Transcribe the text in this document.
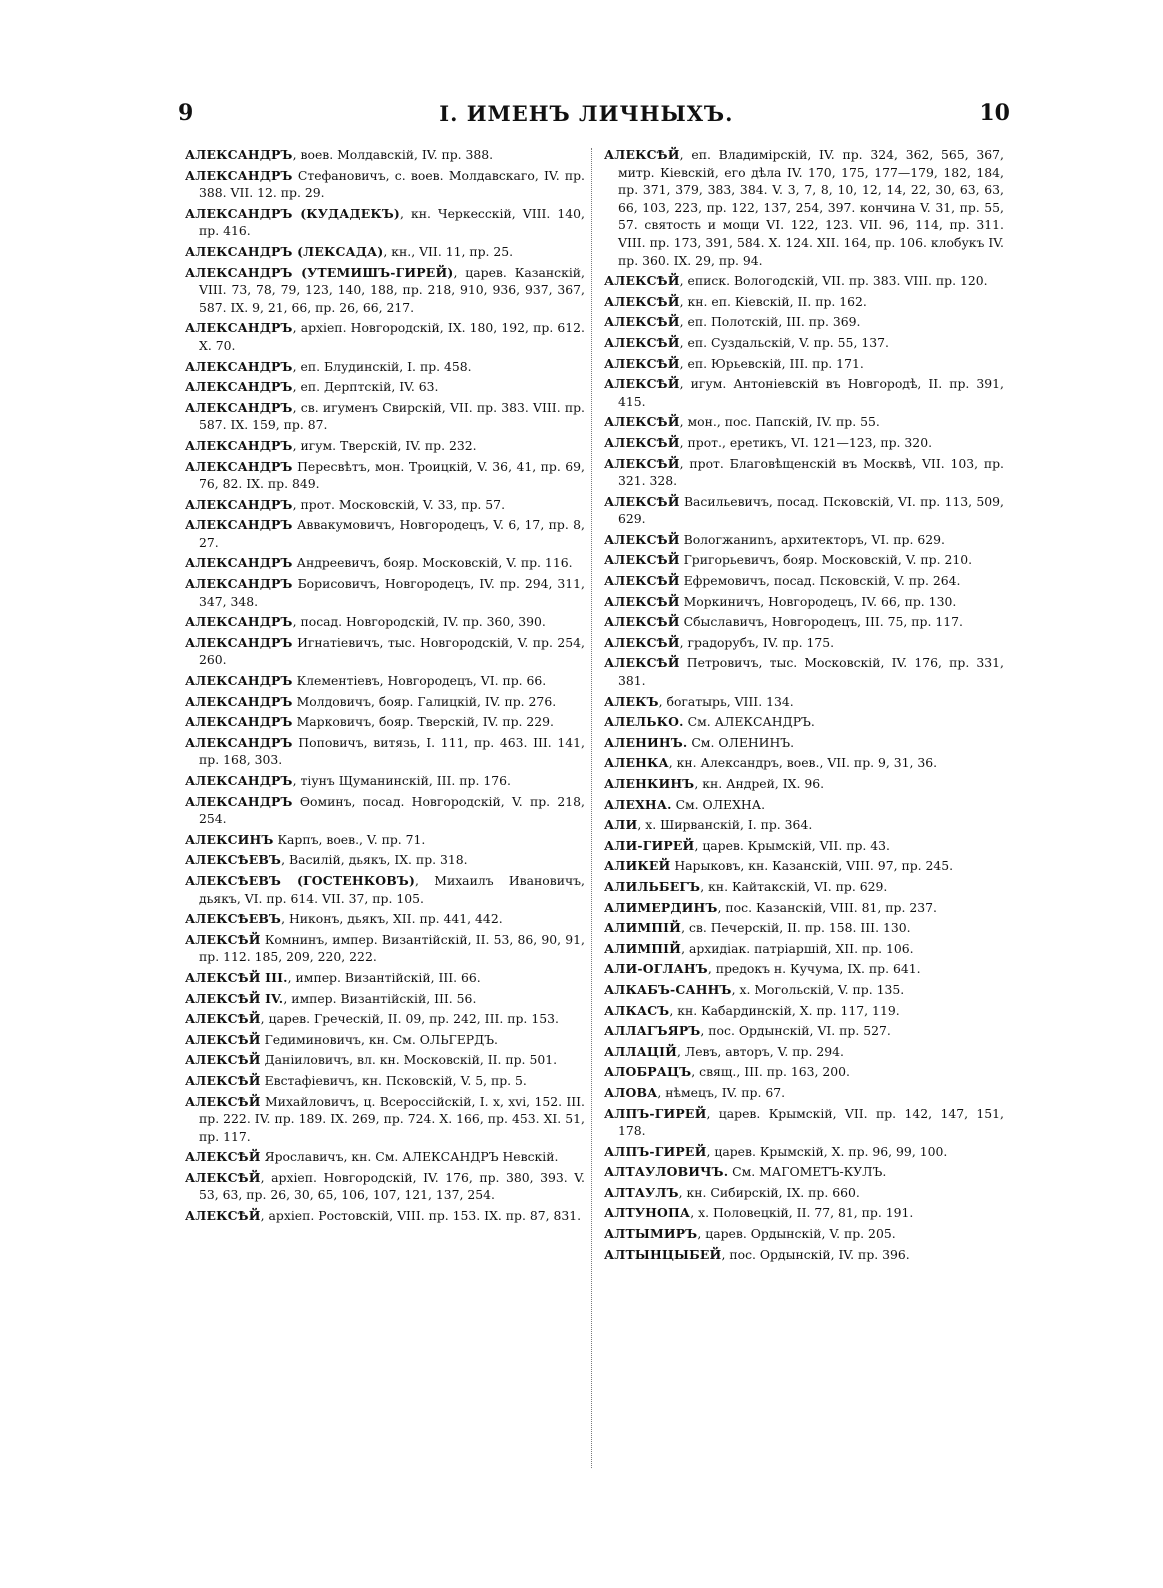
9	I. ИМЕНЪ ЛИЧНЫХЪ.	10

АЛЕКСАНДРЪ, воев. Молдавскій, IV. пр. 388.

АЛЕКСАНДРЪ Стефановичъ, с. воев. Молдавскаго, IV. пр. 388. VII. 12. пр. 29.

АЛЕКСАНДРЪ (КУДАДЕКЪ), кн. Черкесскій, VIII. 140, пр. 416.

АЛЕКСАНДРЪ (ЛЕКСАДА), кн., VII. 11, пр. 25.

АЛЕКСАНДРЪ (УТЕМИШЪ-ГИРЕЙ), царев. Казанскій, VIII. 73, 78, 79, 123, 140, 188, пр. 218, 910, 936, 937, 367, 587. IX. 9, 21, 66, пр. 26, 66, 217.

АЛЕКСАНДРЪ, архіеп. Новгородскій, IX. 180, 192, пр. 612. X. 70.

АЛЕКСАНДРЪ, еп. Блудинскій, I. пр. 458.

АЛЕКСАНДРЪ, еп. Дерптскій, IV. 63.

АЛЕКСАНДРЪ, св. игуменъ Свирскій, VII. пр. 383. VIII. пр. 587. IX. 159, пр. 87.

АЛЕКСАНДРЪ, игум. Тверскій, IV. пр. 232.

АЛЕКСАНДРЪ Пересвѣтъ, мон. Троицкій, V. 36, 41, пр. 69, 76, 82. IX. пр. 849.

АЛЕКСАНДРЪ, прот. Московскій, V. 33, пр. 57.

АЛЕКСАНДРЪ Аввакумовичъ, Новгородецъ, V. 6, 17, пр. 8, 27.

АЛЕКСАНДРЪ Андреевичъ, бояр. Московскій, V. пр. 116.

АЛЕКСАНДРЪ Борисовичъ, Новгородецъ, IV. пр. 294, 311, 347, 348.

АЛЕКСАНДРЪ, посад. Новгородскій, IV. пр. 360, 390.

АЛЕКСАНДРЪ Игнатіевичъ, тыс. Новгородскій, V. пр. 254, 260.

АЛЕКСАНДРЪ Клементіевъ, Новгородецъ, VI. пр. 66.

АЛЕКСАНДРЪ Молдовичъ, бояр. Галицкій, IV. пр. 276.

АЛЕКСАНДРЪ Марковичъ, бояр. Тверскій, IV. пр. 229.

АЛЕКСАНДРЪ Поповичъ, витязь, I. 111, пр. 463. III. 141, пр. 168, 303.

АЛЕКСАНДРЪ, тіунъ Щуманинскій, III. пр. 176.

АЛЕКСАНДРЪ Ѳоминъ, посад. Новгородскій, V. пр. 218, 254.

АЛЕКСИНЪ Карпъ, воев., V. пр. 71.

АЛЕКСѢЕВЪ, Василій, дьякъ, IX. пр. 318.

АЛЕКСѢЕВЪ (ГОСТЕНКОВЪ), Михаилъ Ивановичъ, дьякъ, VI. пр. 614. VII. 37, пр. 105.

АЛЕКСѢЕВЪ, Никонъ, дьякъ, XII. пр. 441, 442.

АЛЕКСѢЙ Комнинъ, импер. Византійскій, II. 53, 86, 90, 91, пр. 112. 185, 209, 220, 222.

АЛЕКСѢЙ III., импер. Византійскій, III. 66.

АЛЕКСѢЙ IV., импер. Византійскій, III. 56.

АЛЕКСѢЙ, царев. Греческій, II. 09, пр. 242, III. пр. 153.

АЛЕКСѢЙ Гедиминовичъ, кн. См. ОЛЬГЕРДЪ.

АЛЕКСѢЙ Даніиловичъ, вл. кн. Московскій, II. пр. 501.

АЛЕКСѢЙ Евстафіевичъ, кн. Псковскій, V. 5, пр. 5.

АЛЕКСѢЙ Михайловичъ, ц. Всероссійскій, I. x, xvi, 152. III. пр. 222. IV. пр. 189. IX. 269, пр. 724. X. 166, пр. 453. XI. 51, пр. 117.

АЛЕКСѢЙ Ярославичъ, кн. См. АЛЕКСАНДРЪ Невскій.

АЛЕКСѢЙ, архіеп. Новгородскій, IV. 176, пр. 380, 393. V. 53, 63, пр. 26, 30, 65, 106, 107, 121, 137, 254.

АЛЕКСѢЙ, архіеп. Ростовскій, VIII. пр. 153. IX. пр. 87, 831.

АЛЕКСѢЙ, еп. Владимірскій, IV. пр. 324, 362, 565, 367, митр. Кіевскій, его дѣла IV. 170, 175, 177—179, 182, 184, пр. 371, 379, 383, 384. V. 3, 7, 8, 10, 12, 14, 22, 30, 63, 63, 66, 103, 223, пр. 122, 137, 254, 397. кончина V. 31, пр. 55, 57. святость и мощи VI. 122, 123. VII. 96, 114, пр. 311. VIII. пр. 173, 391, 584. X. 124. XII. 164, пр. 106. клобукъ IV. пр. 360. IX. 29, пр. 94.

АЛЕКСѢЙ, еписк. Вологодскій, VII. пр. 383. VIII. пр. 120.

АЛЕКСѢЙ, кн. еп. Кіевскій, II. пр. 162.

АЛЕКСѢЙ, еп. Полотскій, III. пр. 369.

АЛЕКСѢЙ, еп. Суздальскій, V. пр. 55, 137.

АЛЕКСѢЙ, еп. Юрьевскій, III. пр. 171.

АЛЕКСѢЙ, игум. Антоніевскій въ Новгородѣ, II. пр. 391, 415.

АЛЕКСѢЙ, мон., пос. Папскій, IV. пр. 55.

АЛЕКСѢЙ, прот., еретикъ, VI. 121—123, пр. 320.

АЛЕКСѢЙ, прот. Благовѣщенскій въ Москвѣ, VII. 103, пр. 321. 328.

АЛЕКСѢЙ Васильевичъ, посад. Псковскій, VI. пр. 113, 509, 629.

АЛЕКСѢЙ Вологжаниnъ, архитекторъ, VI. пр. 629.

АЛЕКСѢЙ Григорьевичъ, бояр. Московскій, V. пр. 210.

АЛЕКСѢЙ Ефремовичъ, посад. Псковскій, V. пр. 264.

АЛЕКСѢЙ Моркиничъ, Новгородецъ, IV. 66, пр. 130.

АЛЕКСѢЙ Сбыславичъ, Новгородецъ, III. 75, пр. 117.

АЛЕКСѢЙ, градорубъ, IV. пр. 175.

АЛЕКСѢЙ Петровичъ, тыс. Московскій, IV. 176, пр. 331, 381.

АЛЕКЪ, богатырь, VIII. 134.

АЛЕЛЬКО. См. АЛЕКСАНДРЪ.

АЛЕНИНЪ. См. ОЛЕНИНЪ.

АЛЕНКА, кн. Александръ, воев., VII. пр. 9, 31, 36.

АЛЕНКИНЪ, кн. Андрей, IX. 96.

АЛЕХНА. См. ОЛЕХНА.

АЛИ, х. Ширванскій, I. пр. 364.

АЛИ-ГИРЕЙ, царев. Крымскій, VII. пр. 43.

АЛИКЕЙ Нарыковъ, кн. Казанскій, VIII. 97, пр. 245.

АЛИЛЬБЕГЪ, кн. Кайтакскій, VI. пр. 629.

АЛИМЕРДИНЪ, пос. Казанскій, VIII. 81, пр. 237.

АЛИМПІЙ, св. Печерскій, II. пр. 158. III. 130.

АЛИМПІЙ, архидіак. патріаршій, XII. пр. 106.

АЛИ-ОГЛАНЪ, предокъ н. Кучума, IX. пр. 641.

АЛКАБЪ-САННЪ, х. Могольскій, V. пр. 135.

АЛКАСЪ, кн. Кабардинскій, X. пр. 117, 119.

АЛЛАГЪЯРЪ, пос. Ордынскій, VI. пр. 527.

АЛЛАЦІЙ, Левъ, авторъ, V. пр. 294.

АЛОБРАЦЪ, свящ., III. пр. 163, 200.

АЛОВА, нѣмецъ, IV. пр. 67.

АЛПЪ-ГИРЕЙ, царев. Крымскій, VII. пр. 142, 147, 151, 178.

АЛПЪ-ГИРЕЙ, царев. Крымскій, X. пр. 96, 99, 100.

АЛТАУЛОВИЧЪ. См. МАГОМЕТЪ-КУЛЪ.

АЛТАУЛЪ, кн. Сибирскій, IX. пр. 660.

АЛТУНОПА, х. Половецкій, II. 77, 81, пр. 191.

АЛТЫМИРЪ, царев. Ордынскій, V. пр. 205.

АЛТЫНЦЫБЕЙ, пос. Ордынскій, IV. пр. 396.
